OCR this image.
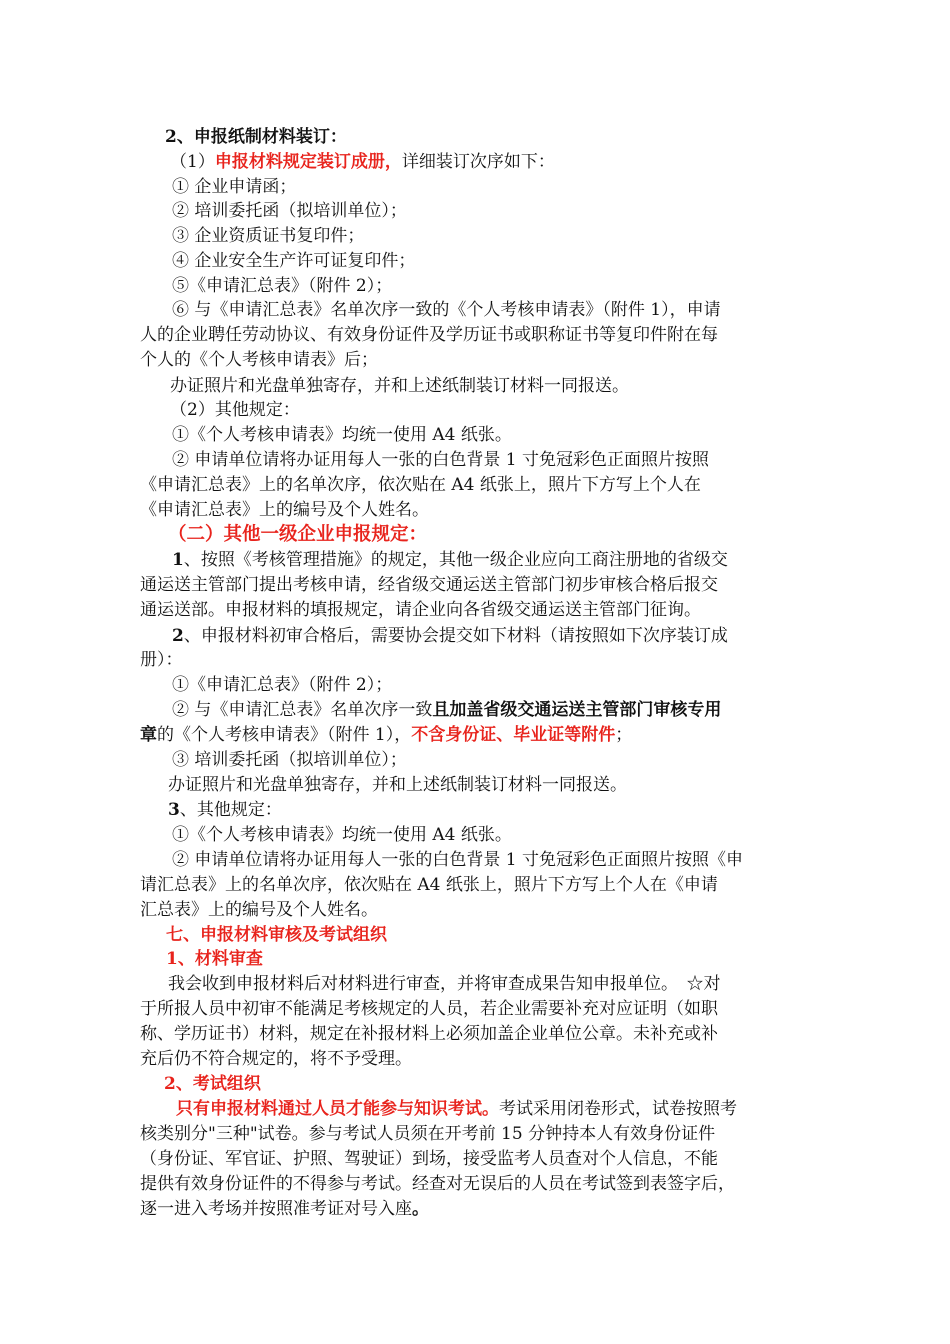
2、申报纸制材料装订：
（1）申报材料规定装订成册，详细装订次序如下：
① 企业申请函；
② 培训委托函（拟培训单位）；
③ 企业资质证书复印件；
④ 企业安全生产许可证复印件；
⑤《申请汇总表》（附件 2）；
⑥ 与《申请汇总表》名单次序一致的《个人考核申请表》（附件 1），申请
人的企业聘任劳动协议、有效身份证件及学历证书或职称证书等复印件附在每
个人的《个人考核申请表》后；
办证照片和光盘单独寄存，并和上述纸制装订材料一同报送。
（2）其他规定：
①《个人考核申请表》均统一使用 A4 纸张。
② 申请单位请将办证用每人一张的白色背景 1 寸免冠彩色正面照片按照
《申请汇总表》上的名单次序，依次贴在 A4 纸张上，照片下方写上个人在
《申请汇总表》上的编号及个人姓名。
（二）其他一级企业申报规定：
1、按照《考核管理措施》的规定，其他一级企业应向工商注册地的省级交
通运送主管部门提出考核申请，经省级交通运送主管部门初步审核合格后报交
通运送部。申报材料的填报规定，请企业向各省级交通运送主管部门征询。
2、申报材料初审合格后，需要协会提交如下材料（请按照如下次序装订成
册）：
①《申请汇总表》（附件 2）；
② 与《申请汇总表》名单次序一致且加盖省级交通运送主管部门审核专用
章的《个人考核申请表》（附件 1），不含身份证、毕业证等附件；
③ 培训委托函（拟培训单位）；
办证照片和光盘单独寄存，并和上述纸制装订材料一同报送。
3、其他规定：
①《个人考核申请表》均统一使用 A4 纸张。
② 申请单位请将办证用每人一张的白色背景 1 寸免冠彩色正面照片按照《申
请汇总表》上的名单次序，依次贴在 A4 纸张上，照片下方写上个人在《申请
汇总表》上的编号及个人姓名。
七、申报材料审核及考试组织
1、材料审查
我会收到申报材料后对材料进行审查，并将审查成果告知申报单位。　☆对
于所报人员中初审不能满足考核规定的人员，若企业需要补充对应证明（如职
称、学历证书）材料，规定在补报材料上必须加盖企业单位公章。未补充或补
充后仍不符合规定的，将不予受理。
2、考试组织
只有申报材料通过人员才能参与知识考试。考试采用闭卷形式，试卷按照考
核类别分"三种"试卷。参与考试人员须在开考前 15 分钟持本人有效身份证件
（身份证、军官证、护照、驾驶证）到场，接受监考人员查对个人信息，不能
提供有效身份证件的不得参与考试。经查对无误后的人员在考试签到表签字后，
逐一进入考场并按照准考证对号入座。
